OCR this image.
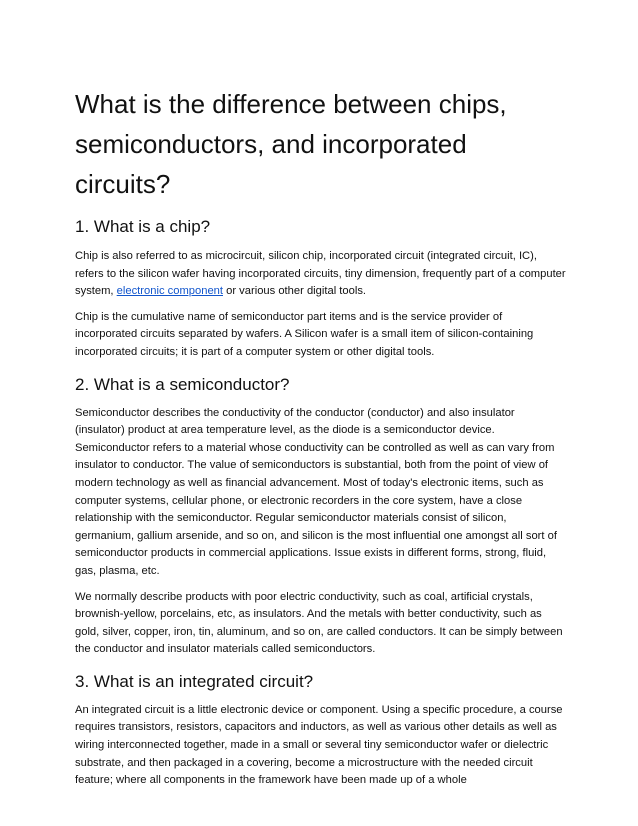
What is the difference between chips, semiconductors, and incorporated circuits?
1. What is a chip?

Chip is also referred to as microcircuit, silicon chip, incorporated circuit (integrated circuit, IC), refers to the silicon wafer having incorporated circuits, tiny dimension, frequently part of a computer system, electronic component or various other digital tools.

Chip is the cumulative name of semiconductor part items and is the service provider of incorporated circuits separated by wafers. A Silicon wafer is a small item of silicon-containing incorporated circuits; it is part of a computer system or other digital tools.

2. What is a semiconductor?

Semiconductor describes the conductivity of the conductor (conductor) and also insulator (insulator) product at area temperature level, as the diode is a semiconductor device. Semiconductor refers to a material whose conductivity can be controlled as well as can vary from insulator to conductor. The value of semiconductors is substantial, both from the point of view of modern technology as well as financial advancement. Most of today's electronic items, such as computer systems, cellular phone, or electronic recorders in the core system, have a close relationship with the semiconductor. Regular semiconductor materials consist of silicon, germanium, gallium arsenide, and so on, and silicon is the most influential one amongst all sort of semiconductor products in commercial applications. Issue exists in different forms, strong, fluid, gas, plasma, etc.

We normally describe products with poor electric conductivity, such as coal, artificial crystals, brownish-yellow, porcelains, etc, as insulators. And the metals with better conductivity, such as gold, silver, copper, iron, tin, aluminum, and so on, are called conductors. It can be simply between the conductor and insulator materials called semiconductors.

3. What is an integrated circuit?

An integrated circuit is a little electronic device or component. Using a specific procedure, a course requires transistors, resistors, capacitors and inductors, as well as various other details as well as wiring interconnected together, made in a small or several tiny semiconductor wafer or dielectric substrate, and then packaged in a covering, become a microstructure with the needed circuit feature; where all components in the framework have been made up of a whole
